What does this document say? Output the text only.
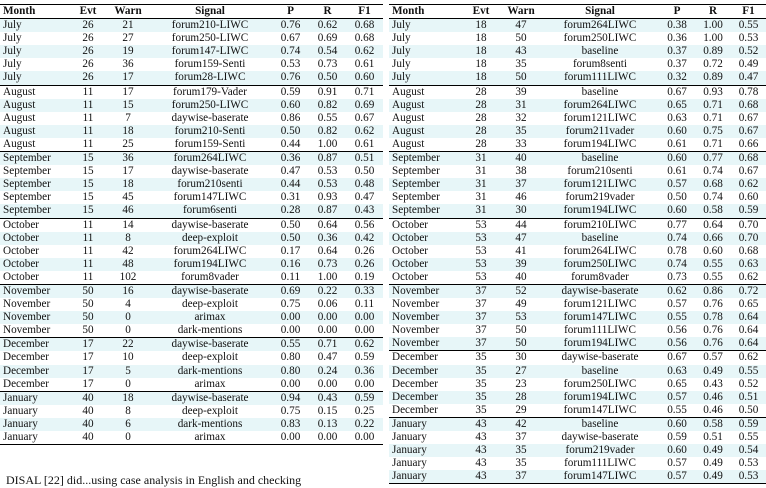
Month	Evt	Warn	Signal	P	R	F1
July	26	21	forum210-LIWC	0.76	0.62	0.68
July	26	27	forum250-LIWC	0.67	0.69	0.68
July	26	19	forum147-LIWC	0.74	0.54	0.62
July	26	36	forum159-Senti	0.53	0.73	0.61
July	26	17	forum28-LIWC	0.76	0.50	0.60
August	11	17	forum179-Vader	0.59	0.91	0.71
August	11	15	forum250-LIWC	0.60	0.82	0.69
August	11	7	daywise-baserate	0.86	0.55	0.67
August	11	18	forum210-Senti	0.50	0.82	0.62
August	11	25	forum159-Senti	0.44	1.00	0.61
September	15	36	forum264LIWC	0.36	0.87	0.51
September	15	17	daywise-baserate	0.47	0.53	0.50
September	15	18	forum210senti	0.44	0.53	0.48
September	15	45	forum147LIWC	0.31	0.93	0.47
September	15	46	forum6senti	0.28	0.87	0.43
October	11	14	daywise-baserate	0.50	0.64	0.56
October	11	8	deep-exploit	0.50	0.36	0.42
October	11	42	forum264LIWC	0.17	0.64	0.26
October	11	48	forum194LIWC	0.16	0.73	0.26
October	11	102	forum8vader	0.11	1.00	0.19
November	50	16	daywise-baserate	0.69	0.22	0.33
November	50	4	deep-exploit	0.75	0.06	0.11
November	50	0	arimax	0.00	0.00	0.00
November	50	0	dark-mentions	0.00	0.00	0.00
December	17	22	daywise-baserate	0.55	0.71	0.62
December	17	10	deep-exploit	0.80	0.47	0.59
December	17	5	dark-mentions	0.80	0.24	0.36
December	17	0	arimax	0.00	0.00	0.00
January	40	18	daywise-baserate	0.94	0.43	0.59
January	40	8	deep-exploit	0.75	0.15	0.25
January	40	6	dark-mentions	0.83	0.13	0.22
January	40	0	arimax	0.00	0.00	0.00
Month	Evt	Warn	Signal	P	R	F1
July	18	47	forum264LIWC	0.38	1.00	0.55
July	18	50	forum250LIWC	0.36	1.00	0.53
July	18	43	baseline	0.37	0.89	0.52
July	18	35	forum8senti	0.37	0.72	0.49
July	18	50	forum111LIWC	0.32	0.89	0.47
August	28	39	baseline	0.67	0.93	0.78
August	28	31	forum264LIWC	0.65	0.71	0.68
August	28	32	forum121LIWC	0.63	0.71	0.67
August	28	35	forum211vader	0.60	0.75	0.67
August	28	33	forum194LIWC	0.61	0.71	0.66
September	31	40	baseline	0.60	0.77	0.68
September	31	38	forum210senti	0.61	0.74	0.67
September	31	37	forum121LIWC	0.57	0.68	0.62
September	31	46	forum219vader	0.50	0.74	0.60
September	31	30	forum194LIWC	0.60	0.58	0.59
October	53	44	forum210LIWC	0.77	0.64	0.70
October	53	47	baseline	0.74	0.66	0.70
October	53	41	forum264LIWC	0.78	0.60	0.68
October	53	39	forum250LIWC	0.74	0.55	0.63
October	53	40	forum8vader	0.73	0.55	0.62
November	37	52	daywise-baserate	0.62	0.86	0.72
November	37	49	forum121LIWC	0.57	0.76	0.65
November	37	53	forum147LIWC	0.55	0.78	0.64
November	37	50	forum111LIWC	0.56	0.76	0.64
November	37	50	forum194LIWC	0.56	0.76	0.64
December	35	30	daywise-baserate	0.67	0.57	0.62
December	35	27	baseline	0.63	0.49	0.55
December	35	23	forum250LIWC	0.65	0.43	0.52
December	35	28	forum194LIWC	0.57	0.46	0.51
December	35	29	forum147LIWC	0.55	0.46	0.50
January	43	42	baseline	0.60	0.58	0.59
January	43	37	daywise-baserate	0.59	0.51	0.55
January	43	35	forum219vader	0.60	0.49	0.54
January	43	35	forum111LIWC	0.57	0.49	0.53
January	43	37	forum147LIWC	0.57	0.49	0.53
DISAL [22] did...using case analysis in English and checking
